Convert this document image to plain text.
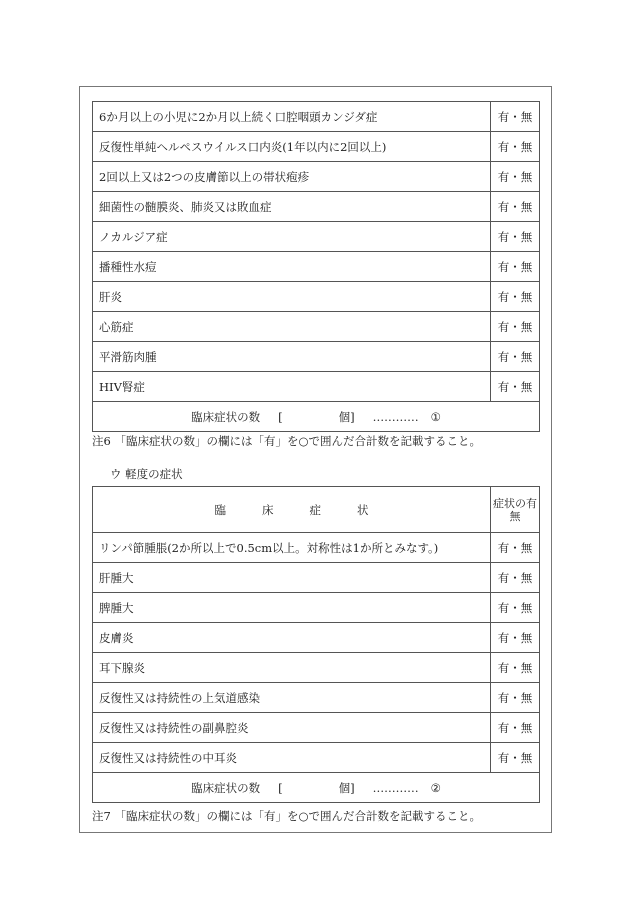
6か月以上の小児に2か月以上続く口腔咽頭カンジダ症	有・無
反復性単純ヘルペスウイルス口内炎(1年以内に2回以上)	有・無
2回以上又は2つの皮膚節以上の帯状疱疹	有・無
細菌性の髄膜炎、肺炎又は敗血症	有・無
ノカルジア症	有・無
播種性水痘	有・無
肝炎	有・無
心筋症	有・無
平滑筋肉腫	有・無
HIV腎症	有・無
臨床症状の数 [ 個] ………… ①	
注6 「臨床症状の数」の欄には「有」を○で囲んだ合計数を記載すること。
ウ 軽度の症状
臨床症状	症状の有無
リンパ節腫脹(2か所以上で0.5cm以上。対称性は1か所とみなす。)	有・無
肝腫大	有・無
脾腫大	有・無
皮膚炎	有・無
耳下腺炎	有・無
反復性又は持続性の上気道感染	有・無
反復性又は持続性の副鼻腔炎	有・無
反復性又は持続性の中耳炎	有・無
臨床症状の数 [ 個] ………… ②	
注7 「臨床症状の数」の欄には「有」を○で囲んだ合計数を記載すること。
